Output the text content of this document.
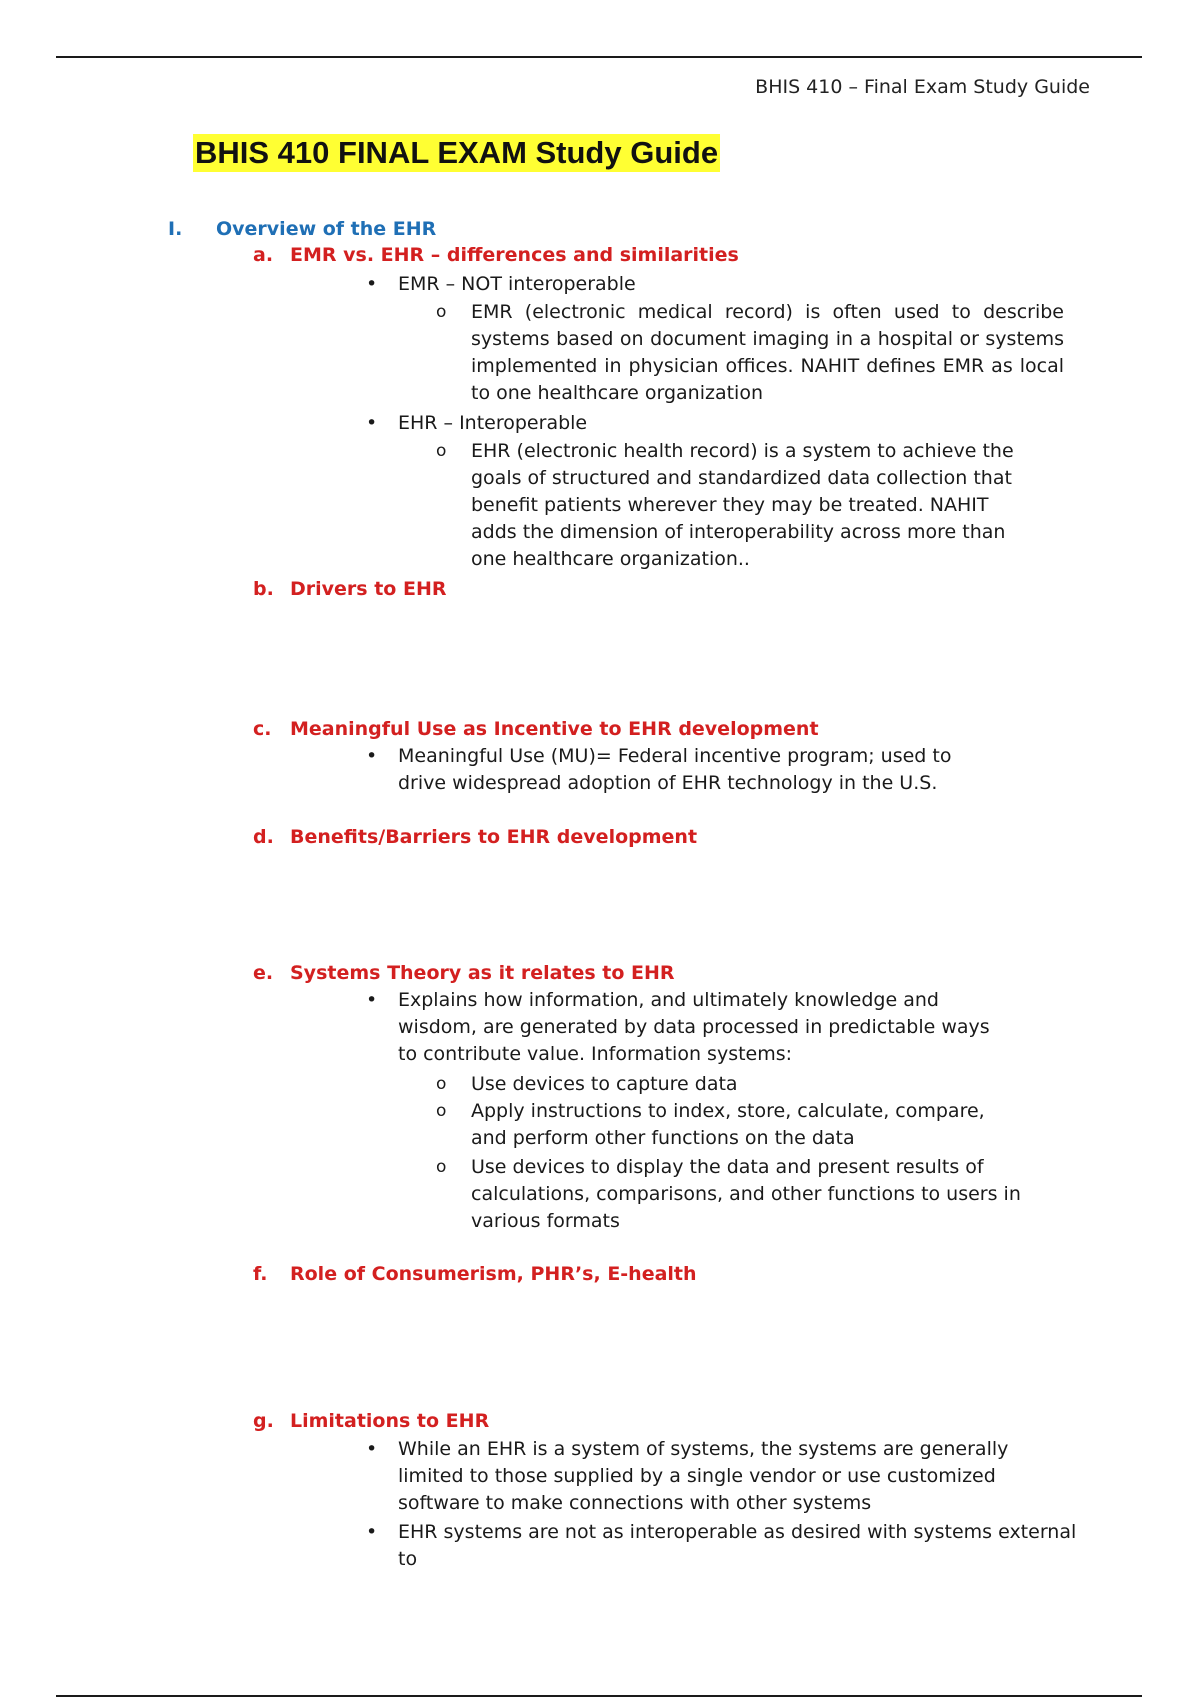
BHIS 410 – Final Exam Study Guide
BHIS 410 FINAL EXAM Study Guide
I. Overview of the EHR
a. EMR vs. EHR – differences and similarities
• EMR – NOT interoperable
o EMR (electronic medical record) is often used to describe systems based on document imaging in a hospital or systems implemented in physician offices. NAHIT defines EMR as local to one healthcare organization
• EHR – Interoperable
o EHR (electronic health record) is a system to achieve the goals of structured and standardized data collection that benefit patients wherever they may be treated. NAHIT adds the dimension of interoperability across more than one healthcare organization..
b. Drivers to EHR
c. Meaningful Use as Incentive to EHR development
• Meaningful Use (MU)= Federal incentive program; used to drive widespread adoption of EHR technology in the U.S.
d. Benefits/Barriers to EHR development
e. Systems Theory as it relates to EHR
• Explains how information, and ultimately knowledge and wisdom, are generated by data processed in predictable ways to contribute value. Information systems:
o Use devices to capture data
o Apply instructions to index, store, calculate, compare, and perform other functions on the data
o Use devices to display the data and present results of calculations, comparisons, and other functions to users in various formats
f. Role of Consumerism, PHR’s, E-health
g. Limitations to EHR
• While an EHR is a system of systems, the systems are generally limited to those supplied by a single vendor or use customized software to make connections with other systems
• EHR systems are not as interoperable as desired with systems external to
